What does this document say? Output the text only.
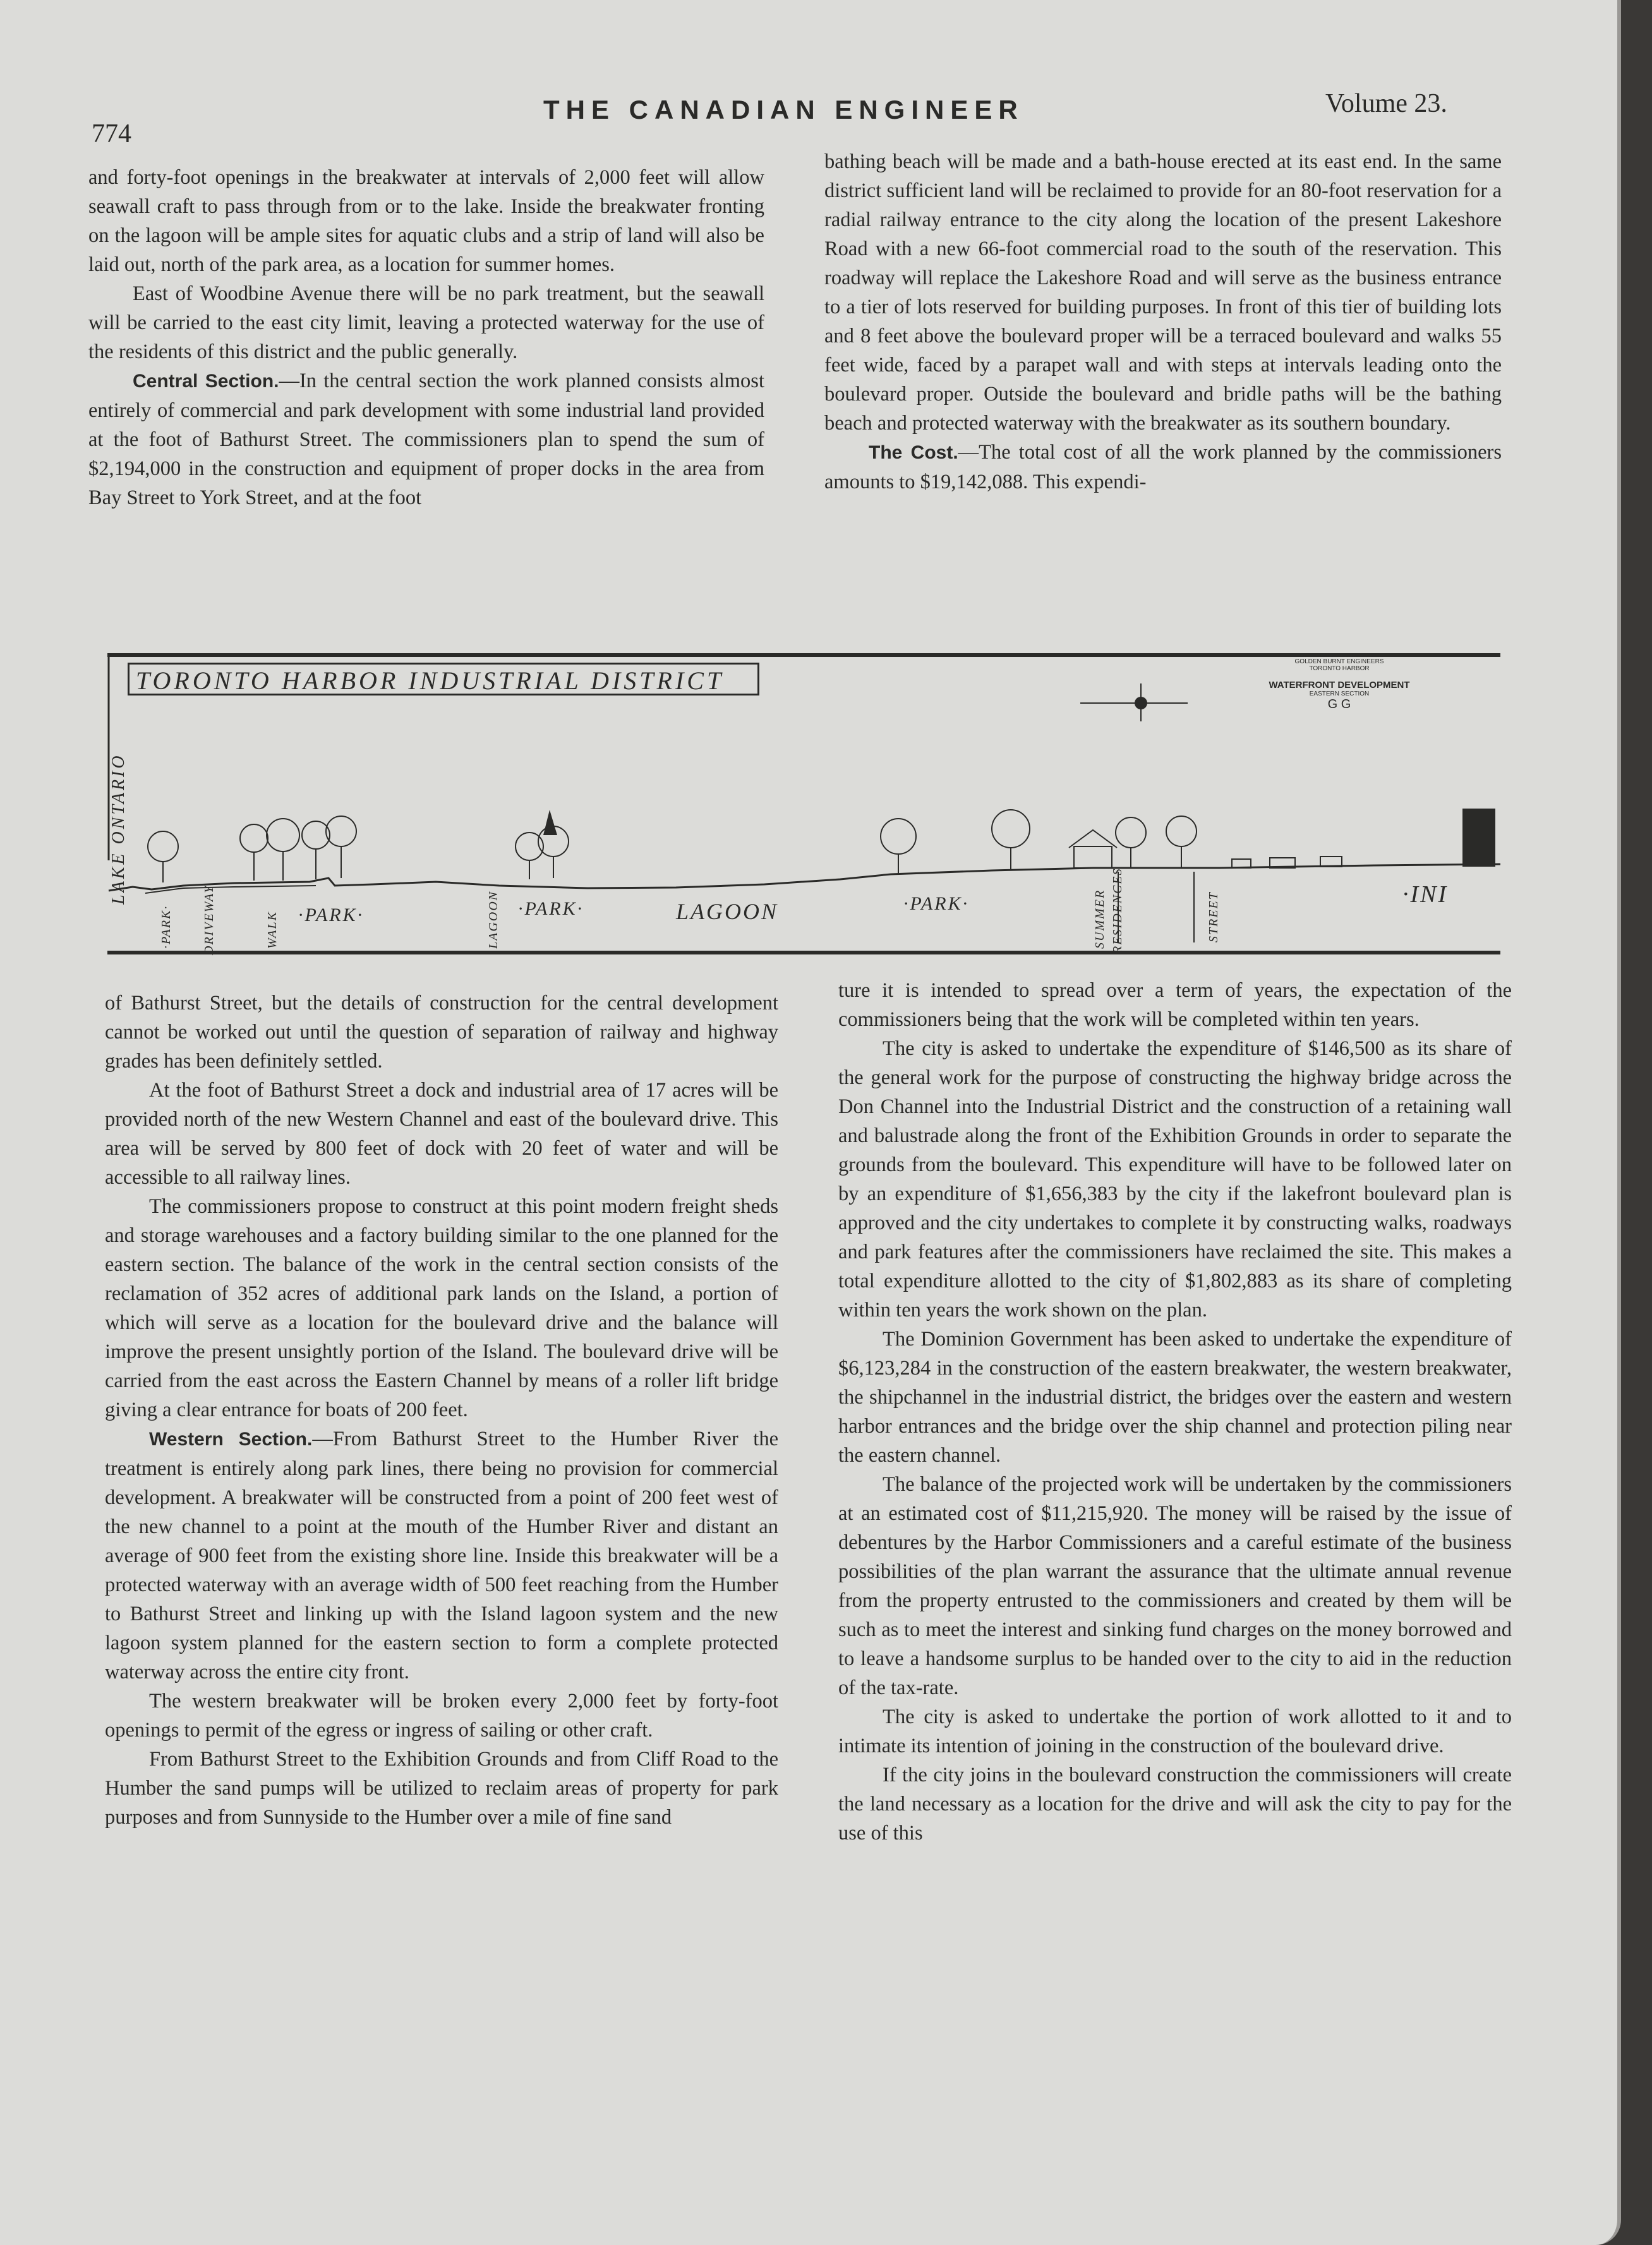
774
THE CANADIAN ENGINEER	Volume 23.

and forty-foot openings in the breakwater at intervals of 2,000 feet will allow seawall craft to pass through from or to the lake. Inside the breakwater fronting on the lagoon will be ample sites for aquatic clubs and a strip of land will also be laid out, north of the park area, as a location for summer homes.

East of Woodbine Avenue there will be no park treatment, but the seawall will be carried to the east city limit, leaving a protected waterway for the use of the residents of this district and the public generally.

Central Section.—In the central section the work planned consists almost entirely of commercial and park development with some industrial land provided at the foot of Bathurst Street. The commissioners plan to spend the sum of $2,194,000 in the construction and equipment of proper docks in the area from Bay Street to York Street, and at the foot

bathing beach will be made and a bath-house erected at its east end. In the same district sufficient land will be reclaimed to provide for an 80-foot reservation for a radial railway entrance to the city along the location of the present Lakeshore Road with a new 66-foot commercial road to the south of the reservation. This roadway will replace the Lakeshore Road and will serve as the business entrance to a tier of lots reserved for building purposes. In front of this tier of building lots and 8 feet above the boulevard proper will be a terraced boulevard and walks 55 feet wide, faced by a parapet wall and with steps at intervals leading onto the boulevard proper. Outside the boulevard and bridle paths will be the bathing beach and protected waterway with the breakwater as its southern boundary.

The Cost.—The total cost of all the work planned by the commissioners amounts to $19,142,088. This expendi-

TORONTO HARBOR INDUSTRIAL DISTRICT
LAKE ONTARIO
GOLDEN BURNT ENGINEERS
TORONTO HARBOR
WATERFRONT DEVELOPMENT
EASTERN SECTION
G G
·PARK· DRIVEWAY	WALK ·PARK·	LAGOON ·PARK·	LAGOON	·PARK·	SUMMER RESIDENCES	STREET	·INI

of Bathurst Street, but the details of construction for the central development cannot be worked out until the question of separation of railway and highway grades has been definitely settled.

At the foot of Bathurst Street a dock and industrial area of 17 acres will be provided north of the new Western Channel and east of the boulevard drive. This area will be served by 800 feet of dock with 20 feet of water and will be accessible to all railway lines.

The commissioners propose to construct at this point modern freight sheds and storage warehouses and a factory building similar to the one planned for the eastern section. The balance of the work in the central section consists of the reclamation of 352 acres of additional park lands on the Island, a portion of which will serve as a location for the boulevard drive and the balance will improve the present unsightly portion of the Island. The boulevard drive will be carried from the east across the Eastern Channel by means of a roller lift bridge giving a clear entrance for boats of 200 feet.

Western Section.—From Bathurst Street to the Humber River the treatment is entirely along park lines, there being no provision for commercial development. A breakwater will be constructed from a point of 200 feet west of the new channel to a point at the mouth of the Humber River and distant an average of 900 feet from the existing shore line. Inside this breakwater will be a protected waterway with an average width of 500 feet reaching from the Humber to Bathurst Street and linking up with the Island lagoon system and the new lagoon system planned for the eastern section to form a complete protected waterway across the entire city front.

The western breakwater will be broken every 2,000 feet by forty-foot openings to permit of the egress or ingress of sailing or other craft.

From Bathurst Street to the Exhibition Grounds and from Cliff Road to the Humber the sand pumps will be utilized to reclaim areas of property for park purposes and from Sunnyside to the Humber over a mile of fine sand

ture it is intended to spread over a term of years, the expectation of the commissioners being that the work will be completed within ten years.

The city is asked to undertake the expenditure of $146,500 as its share of the general work for the purpose of constructing the highway bridge across the Don Channel into the Industrial District and the construction of a retaining wall and balustrade along the front of the Exhibition Grounds in order to separate the grounds from the boulevard. This expenditure will have to be followed later on by an expenditure of $1,656,383 by the city if the lakefront boulevard plan is approved and the city undertakes to complete it by constructing walks, roadways and park features after the commissioners have reclaimed the site. This makes a total expenditure allotted to the city of $1,802,883 as its share of completing within ten years the work shown on the plan.

The Dominion Government has been asked to undertake the expenditure of $6,123,284 in the construction of the eastern breakwater, the western breakwater, the shipchannel in the industrial district, the bridges over the eastern and western harbor entrances and the bridge over the ship channel and protection piling near the eastern channel.

The balance of the projected work will be undertaken by the commissioners at an estimated cost of $11,215,920. The money will be raised by the issue of debentures by the Harbor Commissioners and a careful estimate of the business possibilities of the plan warrant the assurance that the ultimate annual revenue from the property entrusted to the commissioners and created by them will be such as to meet the interest and sinking fund charges on the money borrowed and to leave a handsome surplus to be handed over to the city to aid in the reduction of the tax-rate.

The city is asked to undertake the portion of work allotted to it and to intimate its intention of joining in the construction of the boulevard drive.

If the city joins in the boulevard construction the commissioners will create the land necessary as a location for the drive and will ask the city to pay for the use of this
